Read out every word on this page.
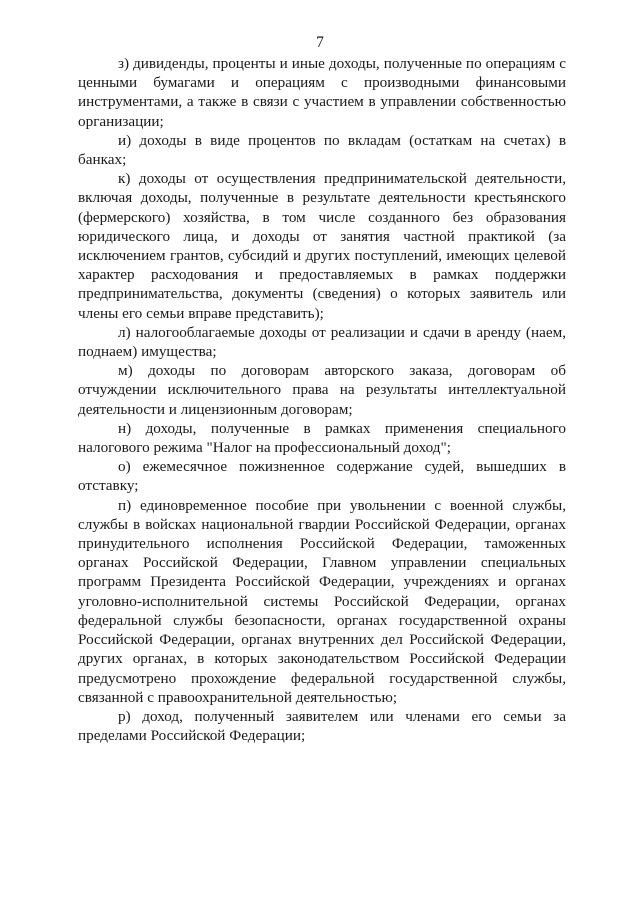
7

з) дивиденды, проценты и иные доходы, полученные по операциям с ценными бумагами и операциям с производными финансовыми инструментами, а также в связи с участием в управлении собственностью организации;

и) доходы в виде процентов по вкладам (остаткам на счетах) в банках;

к) доходы от осуществления предпринимательской деятельности, включая доходы, полученные в результате деятельности крестьянского (фермерского) хозяйства, в том числе созданного без образования юридического лица, и доходы от занятия частной практикой (за исключением грантов, субсидий и других поступлений, имеющих целевой характер расходования и предоставляемых в рамках поддержки предпринимательства, документы (сведения) о которых заявитель или члены его семьи вправе представить);

л) налогооблагаемые доходы от реализации и сдачи в аренду (наем, поднаем) имущества;

м) доходы по договорам авторского заказа, договорам об отчуждении исключительного права на результаты интеллектуальной деятельности и лицензионным договорам;

н) доходы, полученные в рамках применения специального налогового режима "Налог на профессиональный доход";

о) ежемесячное пожизненное содержание судей, вышедших в отставку;

п) единовременное пособие при увольнении с военной службы, службы в войсках национальной гвардии Российской Федерации, органах принудительного исполнения Российской Федерации, таможенных органах Российской Федерации, Главном управлении специальных программ Президента Российской Федерации, учреждениях и органах уголовно-исполнительной системы Российской Федерации, органах федеральной службы безопасности, органах государственной охраны Российской Федерации, органах внутренних дел Российской Федерации, других органах, в которых законодательством Российской Федерации предусмотрено прохождение федеральной государственной службы, связанной с правоохранительной деятельностью;

р) доход, полученный заявителем или членами его семьи за пределами Российской Федерации;
